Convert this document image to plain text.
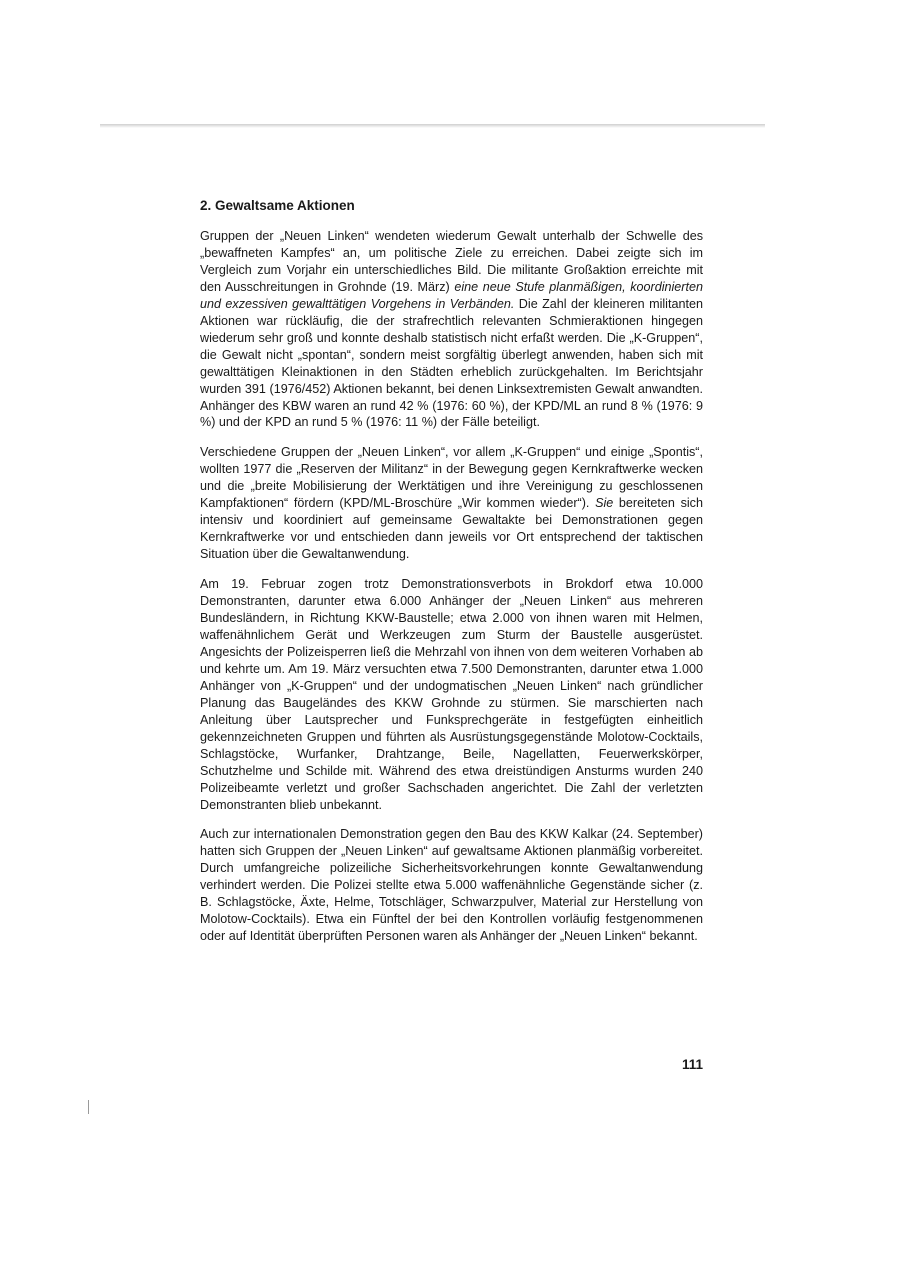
2. Gewaltsame Aktionen

Gruppen der „Neuen Linken“ wendeten wiederum Gewalt unterhalb der Schwelle des „bewaffneten Kampfes“ an, um politische Ziele zu erreichen. Dabei zeigte sich im Vergleich zum Vorjahr ein unterschiedliches Bild. Die militante Großaktion erreichte mit den Ausschreitungen in Grohnde (19. März) eine neue Stufe planmäßigen, koordinierten und exzessiven gewalttätigen Vorgehens in Verbänden. Die Zahl der kleineren militanten Aktionen war rückläufig, die der strafrechtlich relevanten Schmieraktionen hingegen wiederum sehr groß und konnte deshalb statistisch nicht erfaßt werden. Die „K-Gruppen“, die Gewalt nicht „spontan“, sondern meist sorgfältig überlegt anwenden, haben sich mit gewalttätigen Kleinaktionen in den Städten erheblich zurückgehalten. Im Berichtsjahr wurden 391 (1976/452) Aktionen bekannt, bei denen Linksextremisten Gewalt anwandten. Anhänger des KBW waren an rund 42 % (1976: 60 %), der KPD/ML an rund 8 % (1976: 9 %) und der KPD an rund 5 % (1976: 11 %) der Fälle beteiligt.

Verschiedene Gruppen der „Neuen Linken“, vor allem „K-Gruppen“ und einige „Spontis“, wollten 1977 die „Reserven der Militanz“ in der Bewegung gegen Kernkraftwerke wecken und die „breite Mobilisierung der Werktätigen und ihre Vereinigung zu geschlossenen Kampfaktionen“ fördern (KPD/ML-Broschüre „Wir kommen wieder“). Sie bereiteten sich intensiv und koordiniert auf gemeinsame Gewaltakte bei Demonstrationen gegen Kernkraftwerke vor und entschieden dann jeweils vor Ort entsprechend der taktischen Situation über die Gewaltanwendung.

Am 19. Februar zogen trotz Demonstrationsverbots in Brokdorf etwa 10.000 Demonstranten, darunter etwa 6.000 Anhänger der „Neuen Linken“ aus mehreren Bundesländern, in Richtung KKW-Baustelle; etwa 2.000 von ihnen waren mit Helmen, waffenähnlichem Gerät und Werkzeugen zum Sturm der Baustelle ausgerüstet. Angesichts der Polizeisperren ließ die Mehrzahl von ihnen von dem weiteren Vorhaben ab und kehrte um. Am 19. März versuchten etwa 7.500 Demonstranten, darunter etwa 1.000 Anhänger von „K-Gruppen“ und der undogmatischen „Neuen Linken“ nach gründlicher Planung das Baugeländes des KKW Grohnde zu stürmen. Sie marschierten nach Anleitung über Lautsprecher und Funksprechgeräte in festgefügten einheitlich gekennzeichneten Gruppen und führten als Ausrüstungsgegenstände Molotow-Cocktails, Schlagstöcke, Wurfanker, Drahtzange, Beile, Nagellatten, Feuerwerkskörper, Schutzhelme und Schilde mit. Während des etwa dreistündigen Ansturms wurden 240 Polizeibeamte verletzt und großer Sachschaden angerichtet. Die Zahl der verletzten Demonstranten blieb unbekannt.

Auch zur internationalen Demonstration gegen den Bau des KKW Kalkar (24. September) hatten sich Gruppen der „Neuen Linken“ auf gewaltsame Aktionen planmäßig vorbereitet. Durch umfangreiche polizeiliche Sicherheitsvorkehrungen konnte Gewaltanwendung verhindert werden. Die Polizei stellte etwa 5.000 waffenähnliche Gegenstände sicher (z. B. Schlagstöcke, Äxte, Helme, Totschläger, Schwarzpulver, Material zur Herstellung von Molotow-Cocktails). Etwa ein Fünftel der bei den Kontrollen vorläufig festgenommenen oder auf Identität überprüften Personen waren als Anhänger der „Neuen Linken“ bekannt.

111
